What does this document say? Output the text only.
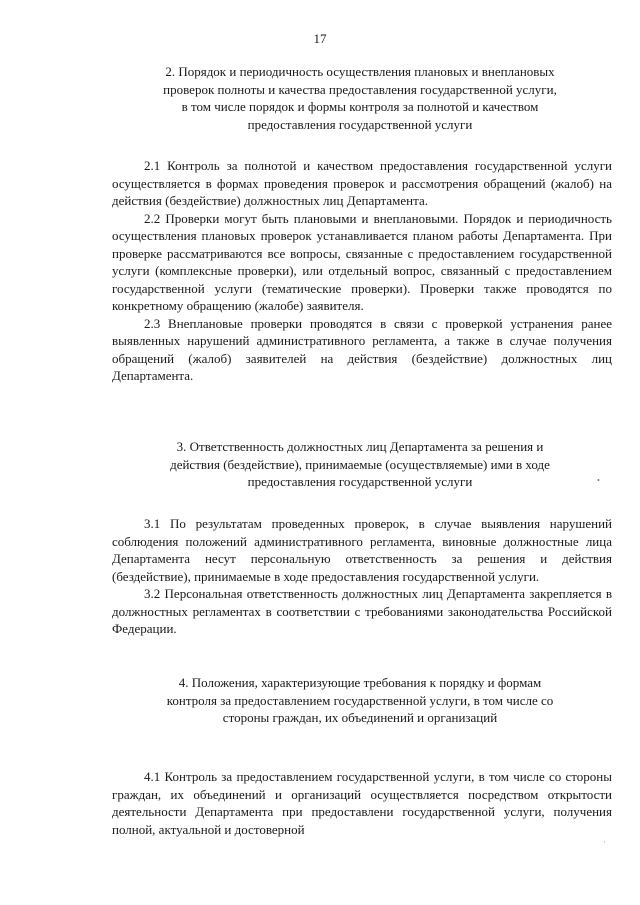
17
2. Порядок и периодичность осуществления плановых и внеплановых
проверок полноты и качества предоставления государственной услуги,
в том числе порядок и формы контроля за полнотой и качеством
предоставления государственной услуги

2.1 Контроль за полнотой и качеством предоставления государственной услуги осуществляется в формах проведения проверок и рассмотрения обращений (жалоб) на действия (бездействие) должностных лиц Департамента.

2.2 Проверки могут быть плановыми и внеплановыми. Порядок и периодичность осуществления плановых проверок устанавливается планом работы Департамента. При проверке рассматриваются все вопросы, связанные с предоставлением государственной услуги (комплексные проверки), или отдельный вопрос, связанный с предоставлением государственной услуги (тематические проверки). Проверки также проводятся по конкретному обращению (жалобе) заявителя.

2.3 Внеплановые проверки проводятся в связи с проверкой устранения ранее выявленных нарушений административного регламента, а также в случае получения обращений (жалоб) заявителей на действия (бездействие) должностных лиц Департамента.

3. Ответственность должностных лиц Департамента за решения и
действия (бездействие), принимаемые (осуществляемые) ими в ходе
предоставления государственной услуги

3.1 По результатам проведенных проверок, в случае выявления нарушений соблюдения положений административного регламента, виновные должностные лица Департамента несут персональную ответственность за решения и действия (бездействие), принимаемые в ходе предоставления государственной услуги.

3.2 Персональная ответственность должностных лиц Департамента закрепляется в должностных регламентах в соответствии с требованиями законодательства Российской Федерации.

4. Положения, характеризующие требования к порядку и формам
контроля за предоставлением государственной услуги, в том числе со
стороны граждан, их объединений и организаций

4.1 Контроль за предоставлением государственной услуги, в том числе со стороны граждан, их объединений и организаций осуществляется посредством открытости деятельности Департамента при предоставлени государственной услуги, получения полной, актуальной и достоверной

•
·
